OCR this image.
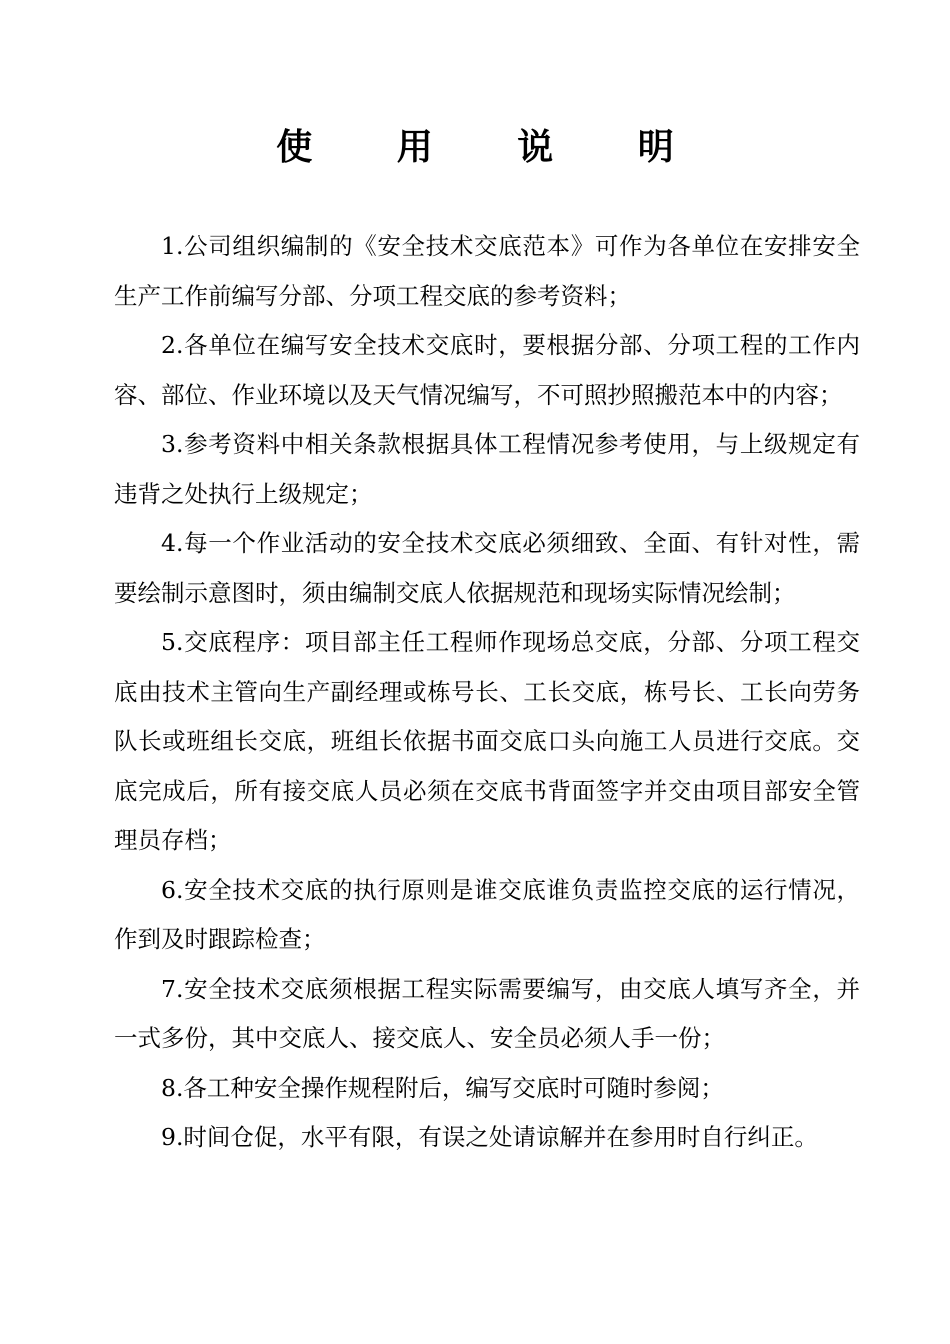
使 用 说 明

1.公司组织编制的《安全技术交底范本》可作为各单位在安排安全生产工作前编写分部、分项工程交底的参考资料；

2.各单位在编写安全技术交底时，要根据分部、分项工程的工作内容、部位、作业环境以及天气情况编写，不可照抄照搬范本中的内容；

3.参考资料中相关条款根据具体工程情况参考使用，与上级规定有违背之处执行上级规定；

4.每一个作业活动的安全技术交底必须细致、全面、有针对性，需要绘制示意图时，须由编制交底人依据规范和现场实际情况绘制；

5.交底程序：项目部主任工程师作现场总交底，分部、分项工程交底由技术主管向生产副经理或栋号长、工长交底，栋号长、工长向劳务队长或班组长交底，班组长依据书面交底口头向施工人员进行交底。交底完成后，所有接交底人员必须在交底书背面签字并交由项目部安全管理员存档；

6.安全技术交底的执行原则是谁交底谁负责监控交底的运行情况，作到及时跟踪检查；

7.安全技术交底须根据工程实际需要编写，由交底人填写齐全，并一式多份，其中交底人、接交底人、安全员必须人手一份；

8.各工种安全操作规程附后，编写交底时可随时参阅；

9.时间仓促，水平有限，有误之处请谅解并在参用时自行纠正。
